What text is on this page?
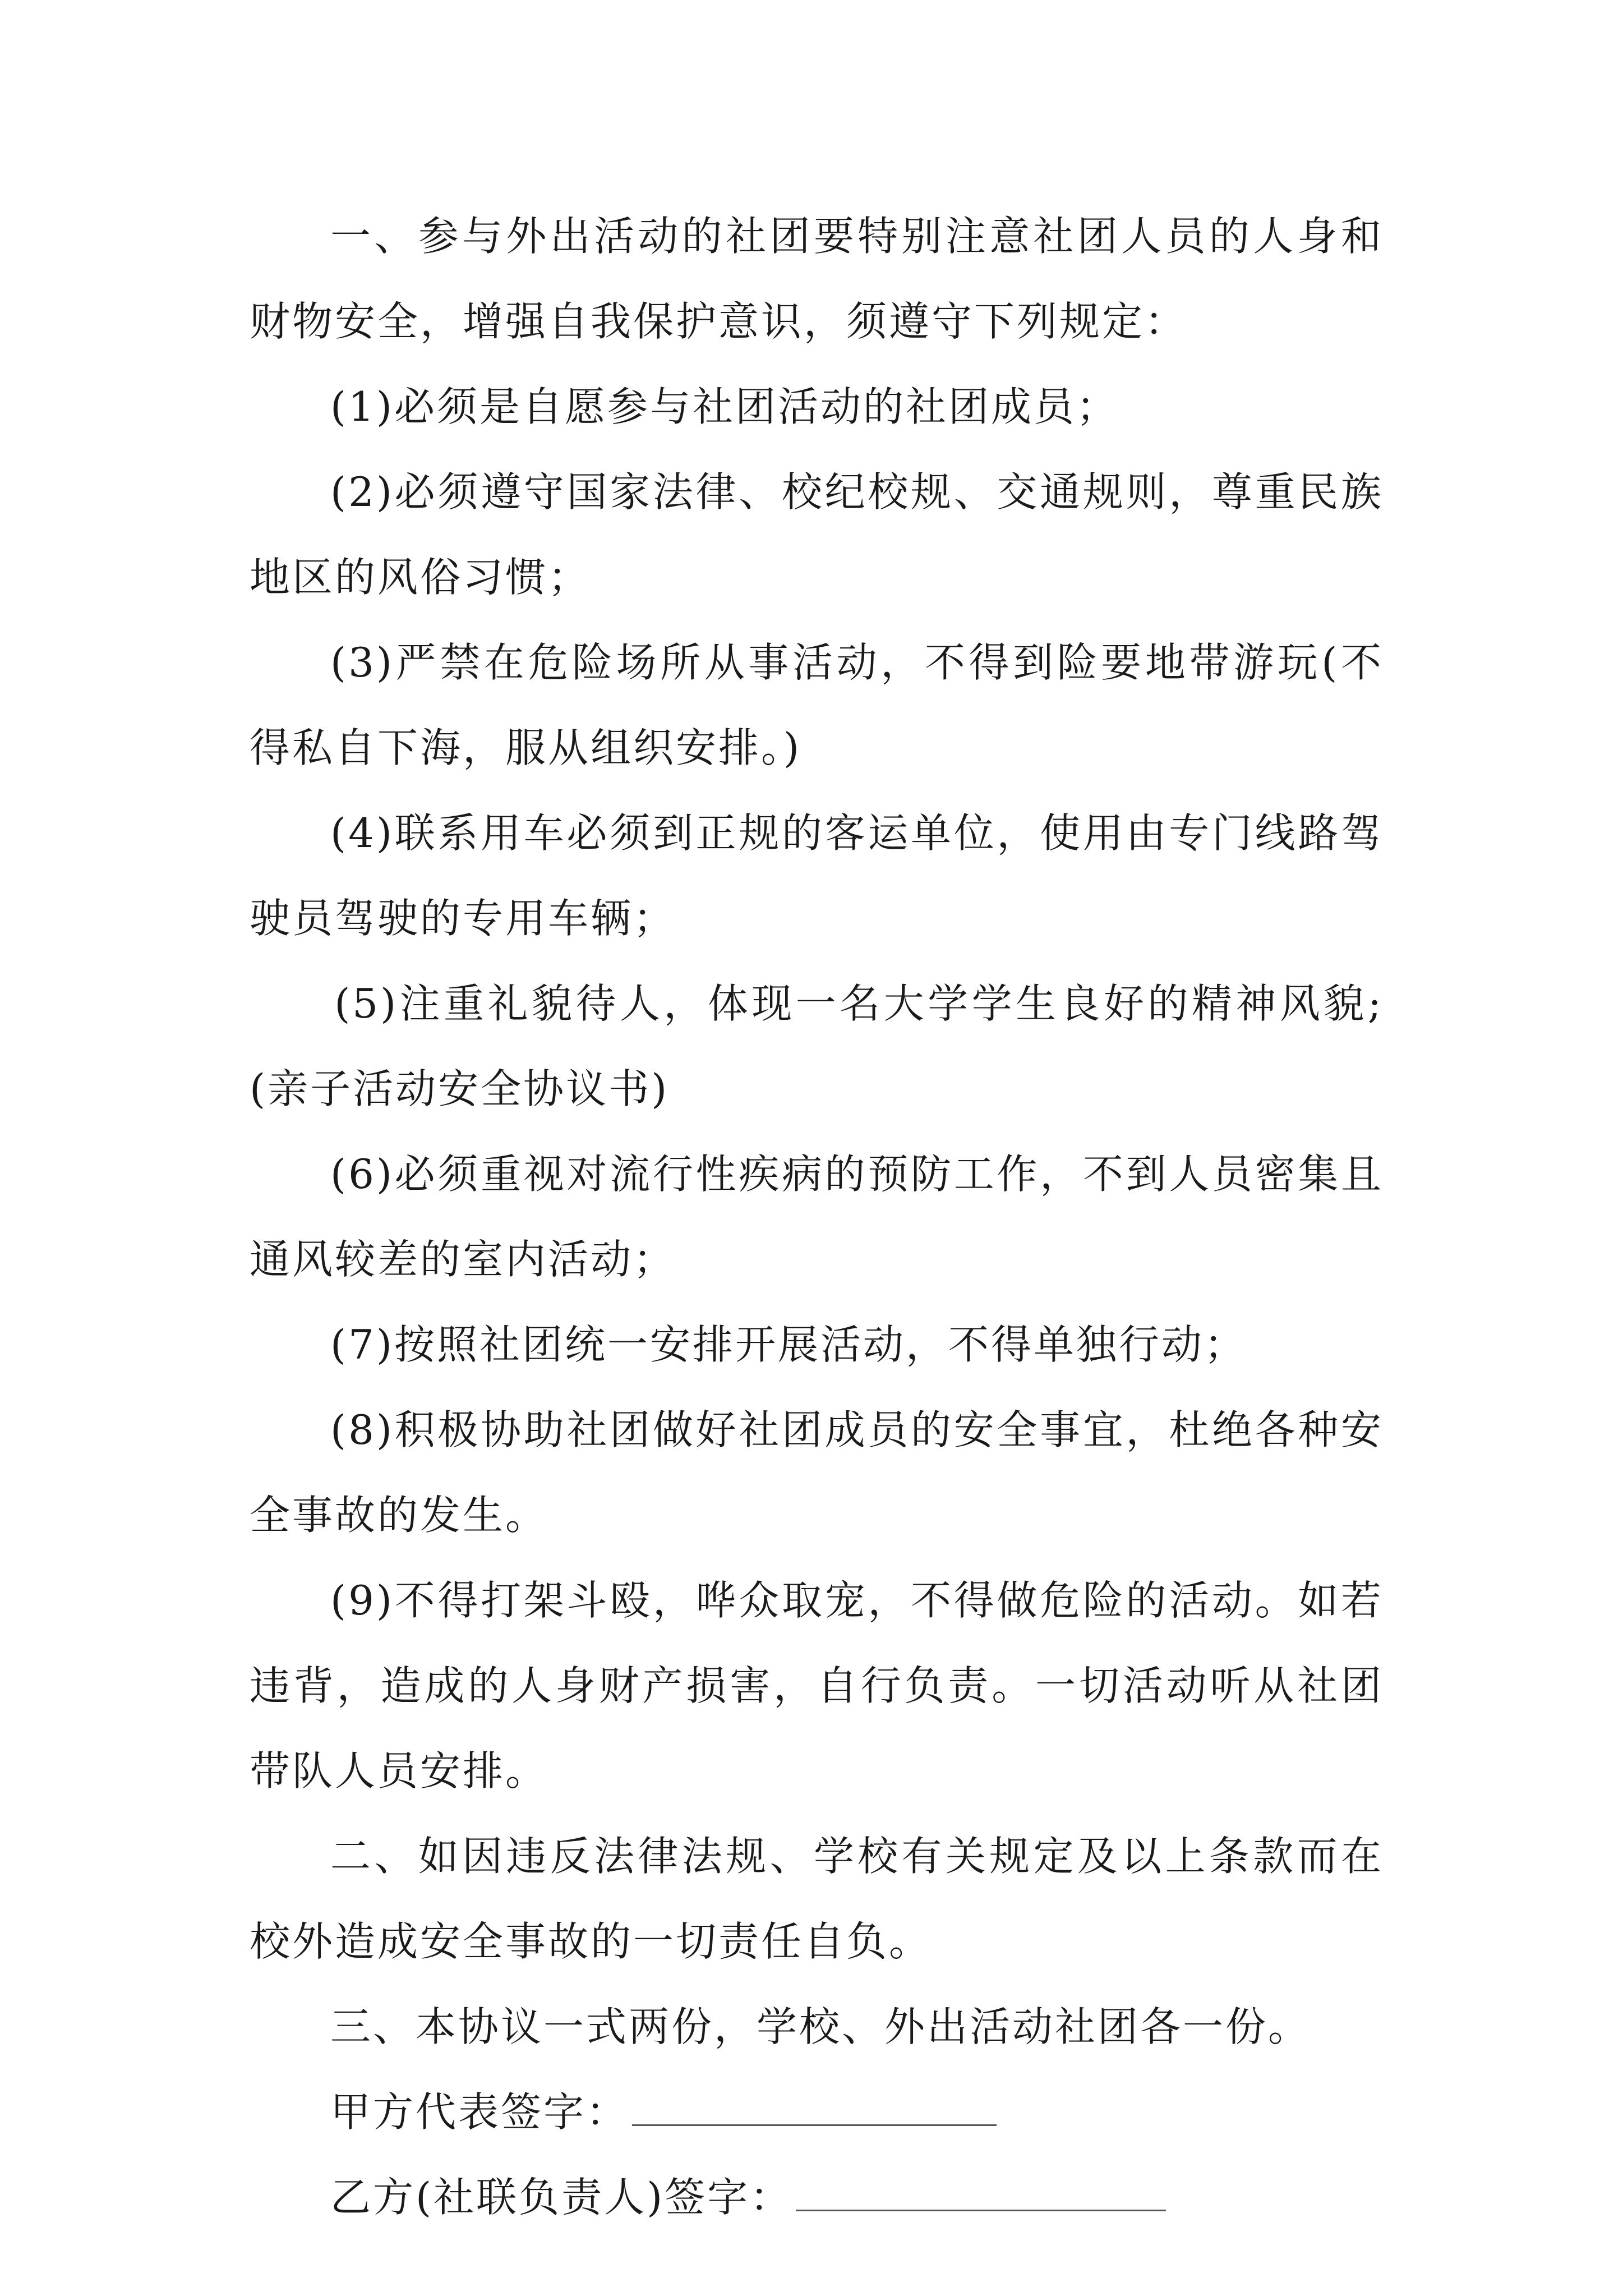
一、参与外出活动的社团要特别注意社团人员的人身和财物安全，增强自我保护意识，须遵守下列规定：

(1)必须是自愿参与社团活动的社团成员；

(2)必须遵守国家法律、校纪校规、交通规则，尊重民族地区的风俗习惯；

(3)严禁在危险场所从事活动，不得到险要地带游玩(不得私自下海，服从组织安排。)

(4)联系用车必须到正规的客运单位，使用由专门线路驾驶员驾驶的专用车辆；

(5)注重礼貌待人，体现一名大学学生良好的精神风貌;(亲子活动安全协议书)

(6)必须重视对流行性疾病的预防工作，不到人员密集且通风较差的室内活动；

(7)按照社团统一安排开展活动，不得单独行动；

(8)积极协助社团做好社团成员的安全事宜，杜绝各种安全事故的发生。

(9)不得打架斗殴，哗众取宠，不得做危险的活动。如若违背，造成的人身财产损害，自行负责。一切活动听从社团带队人员安排。

二、如因违反法律法规、学校有关规定及以上条款而在校外造成安全事故的一切责任自负。

三、本协议一式两份，学校、外出活动社团各一份。

甲方代表签字：

乙方(社联负责人)签字：
